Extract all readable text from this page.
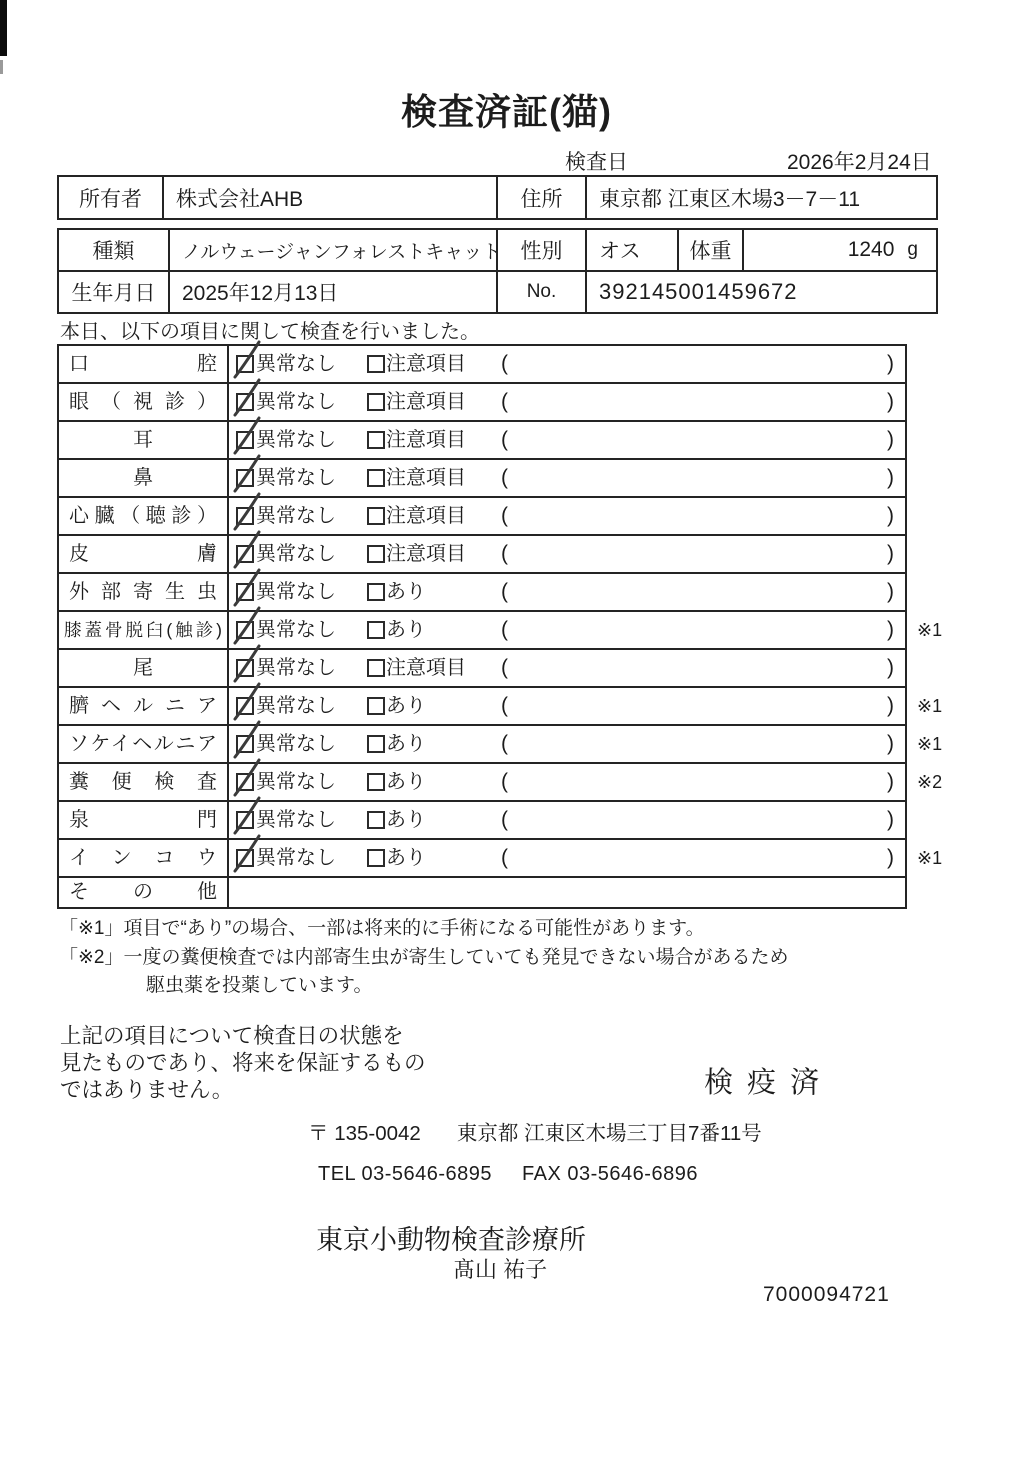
検査済証(猫)
検査日	2026年2月24日
所有者	株式会社AHB	住所	東京都 江東区木場3－7－11
種類	ノルウェージャンフォレストキャット 性別	オス	体重	1240 g
生年月日	2025年12月13日	No.	392145001459672
本日、以下の項目に関して検査を行いました。
口腔	異常なし	注意項目 (	)
眼（視診）	異常なし	注意項目 (	)
耳	異常なし	注意項目 (	)
鼻	異常なし	注意項目 (	)
心臓（聴診）	異常なし	注意項目 (	)
皮膚	異常なし	注意項目 (	)
外部寄生虫	異常なし	あり	(	)
膝蓋骨脱臼(触診)	異常なし	あり	(	) ※1
尾	異常なし	注意項目 (	)
臍ヘルニア	異常なし	あり	(	) ※1
ソケイヘルニア	異常なし	あり	(	) ※1
糞便検査	異常なし	あり	(	) ※2
泉門	異常なし	あり	(	)
インコウ	異常なし	あり	(	) ※1
その他
「※1」項目で“あり”の場合、一部は将来的に手術になる可能性があります。
「※2」一度の糞便検査では内部寄生虫が寄生していても発見できない場合があるため
駆虫薬を投薬しています。
上記の項目について検査日の状態を
見たものであり、将来を保証するもの
ではありません。	検 疫 済
〒 135-0042 東京都 江東区木場三丁目7番11号
TEL 03-5646-6895 FAX 03-5646-6896
東京小動物検査診療所
髙山 祐子
7000094721
